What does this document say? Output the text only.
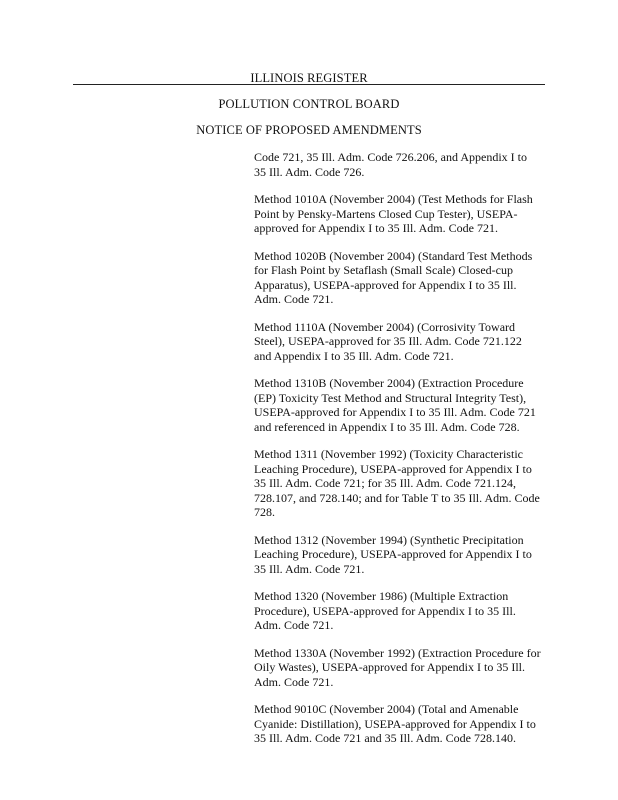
ILLINOIS REGISTER
POLLUTION CONTROL BOARD
NOTICE OF PROPOSED AMENDMENTS

Code 721, 35 Ill. Adm. Code 726.206, and Appendix I to
35 Ill. Adm. Code 726.

Method 1010A (November 2004) (Test Methods for Flash
Point by Pensky-Martens Closed Cup Tester), USEPA-
approved for Appendix I to 35 Ill. Adm. Code 721.

Method 1020B (November 2004) (Standard Test Methods
for Flash Point by Setaflash (Small Scale) Closed-cup
Apparatus), USEPA-approved for Appendix I to 35 Ill.
Adm. Code 721.

Method 1110A (November 2004) (Corrosivity Toward
Steel), USEPA-approved for 35 Ill. Adm. Code 721.122
and Appendix I to 35 Ill. Adm. Code 721.

Method 1310B (November 2004) (Extraction Procedure
(EP) Toxicity Test Method and Structural Integrity Test),
USEPA-approved for Appendix I to 35 Ill. Adm. Code 721
and referenced in Appendix I to 35 Ill. Adm. Code 728.

Method 1311 (November 1992) (Toxicity Characteristic
Leaching Procedure), USEPA-approved for Appendix I to
35 Ill. Adm. Code 721; for 35 Ill. Adm. Code 721.124,
728.107, and 728.140; and for Table T to 35 Ill. Adm. Code
728.

Method 1312 (November 1994) (Synthetic Precipitation
Leaching Procedure), USEPA-approved for Appendix I to
35 Ill. Adm. Code 721.

Method 1320 (November 1986) (Multiple Extraction
Procedure), USEPA-approved for Appendix I to 35 Ill.
Adm. Code 721.

Method 1330A (November 1992) (Extraction Procedure for
Oily Wastes), USEPA-approved for Appendix I to 35 Ill.
Adm. Code 721.

Method 9010C (November 2004) (Total and Amenable
Cyanide: Distillation), USEPA-approved for Appendix I to
35 Ill. Adm. Code 721 and 35 Ill. Adm. Code 728.140.
